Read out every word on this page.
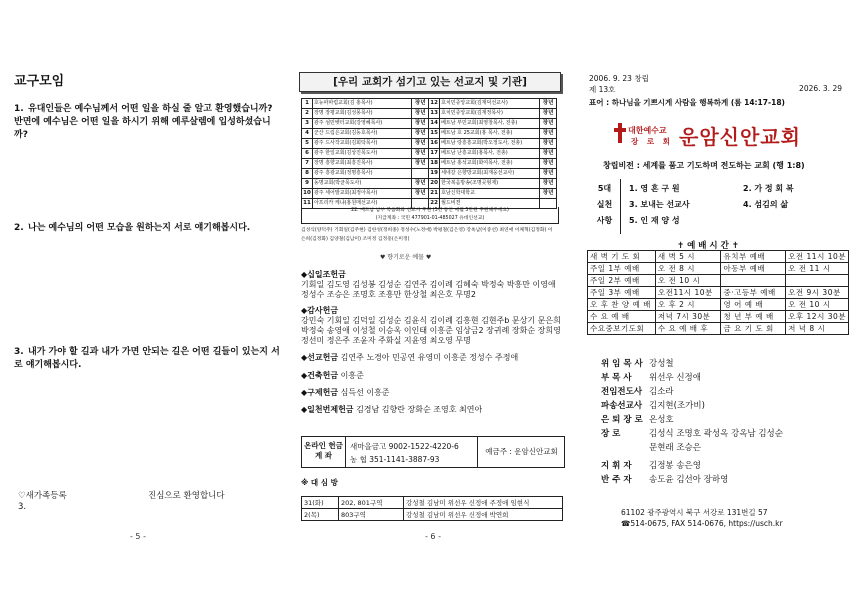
교구모임
1. 유대인들은 예수님께서 어떤 일을 하실 줄 알고 환영했습니까? 반면에 예수님은 어떤 일을 하시기 위해 예루살렘에 입성하셨습니까?
2. 나는 예수님의 어떤 모습을 원하는지 서로 얘기해봅시다.
3. 내가 가야 할 길과 내가 가면 안되는 길은 어떤 길들이 있는지 서로 얘기해봅시다.
♡새가족등록	진심으로 환영합니다
3.
- 5 -
[우리 교회가 섬기고 있는 선교지 및 기관]
1	호뉴파파럽교회(김 홍목사)	장년	12	호치민증앙교회(김재덕선교사)	장년
2	장명 장평교회(김성몽목사)	장년	13	호치민증앙교회(김재정목사)	장년
3	광주 섬민벳터교회(강영혜목사)	장년	14	베트남 부민교회(최영창목사, 전총)	장년
4	군산 드림은교회(김동호목사)	장년	15	베트남 호 25교회(홍 목사, 전총)	장년
5	광주 드사작교회(김회탁목사)	장년	16	베트남 랑흥흥교회(박오정도사, 전총)	장년
6	광주 한일교회(김상진목도사)	장년	17	베트남 난흥교회(홍목사, 전총)	장년
7	장명 흥향교회(최흥진목사)	장년	18	베트남 홍석교회(화여목사, 전총)	장년
8	광주 흥광교회(정명흥목사)		19	세네갈 은향방교회(최재웅선교사)	장년
9	동명교회(박균목도사)	장년	20	한국복음방송(조명곳형제)	장년
10	광주 세어발교회(최정아목사)	장년	21	호남신학대학교	장년
11	아프리카 케냐(홍원매선교사)		22	월드비젼	
22. 베트남 남부 복음화와 선교사 후원 (5년 동안 매월 5만원 후원해주세요)
(지급계좌 : 국민 477901-01-485027 유데인선교)
김성식(양덕주) 기회일(김주현) 김한성(정희종) 정성수(노정애) 박평철(김은영) 강옥남(이중선) 최연애 이체혁(김정화) 이은희(김정화) 김양철(김남미) 조미정 김정흥(은미정)
♥ 향기로운 예물 ♥
◆십일조헌금
기회일 김도영 김성봉 김성순 김연주 김이례 김혜숙 박정숙 박흥만 이영애 정성수 조승은 조명호 조흥만 한상철 최은호 무명2
◆감사헌금
강민숙 기회일 김덕일 김성순 김윤식 김이례 김흥현 김현주b 문상기 문은희 박정숙 송영애 이성철 이승옥 이인태 이흥준 임상금2 장귀례 장화순 장희영 정선미 정은주 조윤자 주화실 지윤영 최오영 무명
◆선교헌금 김연주 노경아 민공연 유영미 이흥준 정성수 주정애
◆건축헌금 이흥준
◆구제헌금 심득선 이흥준
◆일천번제헌금 김경남 김향란 장화순 조영호 최연아
온라인 헌금
계 좌
새마을금고 9002-1522-4220-6
농 협 351-1141-3887-93
예금주 : 운암신안교회
※ 대 심 방
31(화)	202, 801구역	강성철 김남미 위선우 신정애 주정애 임현식
2(목)	803구역	강성철 김남미 위선우 신정애 박연희
- 6 -
2006. 9. 23 창립
제 13호	2026. 3. 29
표어 : 하나님을 기쁘시게 사람을 행복하게 (롬 14:17-18)
대한예수교
장 로 회 운암신안교회
창립비전 : 세계를 품고 기도하며 전도하는 교회 (행 1:8)
5대
실천
사항
1. 영 혼 구 원	2. 가 정 회 복
3. 보내는 선교사	4. 섬김의 삶
5. 인 재 양 성
✝ 예 배 시 간 ✝
새 벽 기 도 회	새 벽 5 시	유치부 예배	오전 11시 10분
주일 1부 예배	오 전 8 시	아동부 예배	오 전 11 시
주일 2부 예배	오 전 10 시		
주일 3부 예배	오전11시 10분	중·고등부 예배	오전 9시 30분
오 후 찬 양 예 배	오 후 2 시	영 어 예 배	오 전 10 시
수 요 예 배	저녁 7시 30분	청 년 부 예 배	오후 12시 30분
수요중보기도회	수 요 예 배 후	금 요 기 도 회	저 녁 8 시
위 임 목 사 강성철
부 목 사 위선우 신정애
전임전도사 김소라
파송선교사 김지현(조가비)
은 퇴 장 로 온성호
장 로	김성식 조명호 곽성옥 강옥남 김성순
문현래 조승은
지 휘 자 김정봉 송은영
반 주 자 송도윤 김선아 장하영
61102 광주광역시 북구 서강로 131번길 57
☎514-0675, FAX 514-0676, https://usch.kr
